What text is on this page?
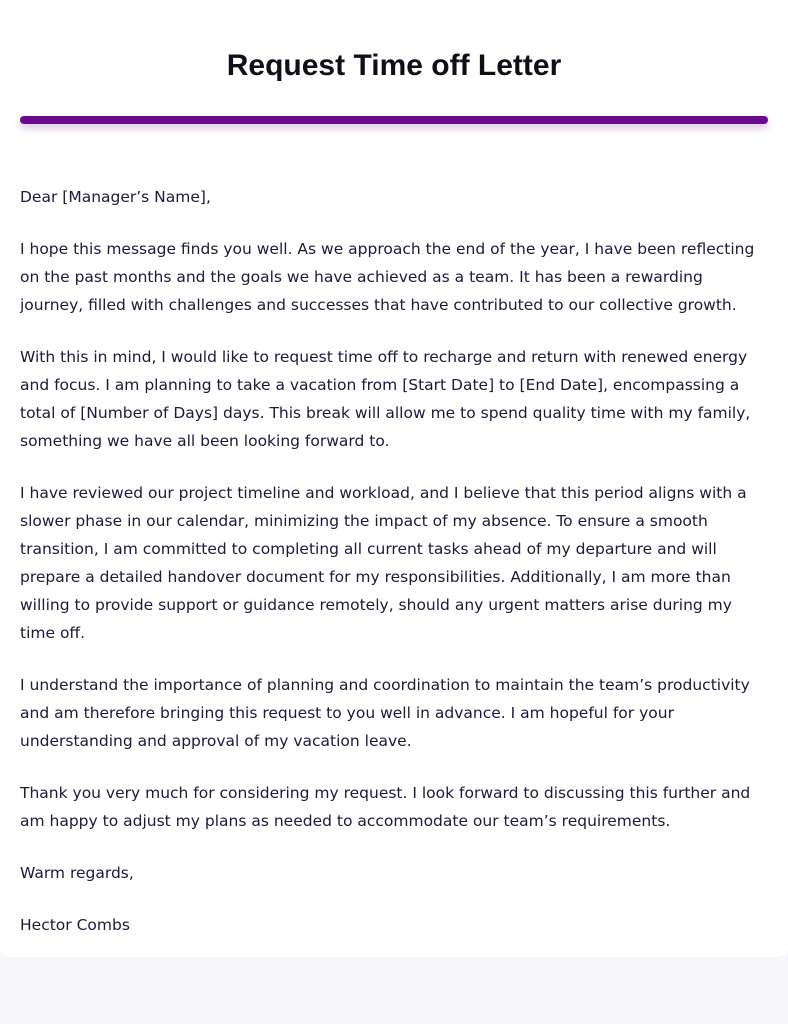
Request Time off Letter

Dear [Manager’s Name],

I hope this message finds you well. As we approach the end of the year, I have been reflecting on the past months and the goals we have achieved as a team. It has been a rewarding journey, filled with challenges and successes that have contributed to our collective growth.

With this in mind, I would like to request time off to recharge and return with renewed energy and focus. I am planning to take a vacation from [Start Date] to [End Date], encompassing a total of [Number of Days] days. This break will allow me to spend quality time with my family, something we have all been looking forward to.

I have reviewed our project timeline and workload, and I believe that this period aligns with a slower phase in our calendar, minimizing the impact of my absence. To ensure a smooth transition, I am committed to completing all current tasks ahead of my departure and will prepare a detailed handover document for my responsibilities. Additionally, I am more than willing to provide support or guidance remotely, should any urgent matters arise during my time off.

I understand the importance of planning and coordination to maintain the team’s productivity and am therefore bringing this request to you well in advance. I am hopeful for your understanding and approval of my vacation leave.

Thank you very much for considering my request. I look forward to discussing this further and am happy to adjust my plans as needed to accommodate our team’s requirements.

Warm regards,

Hector Combs
